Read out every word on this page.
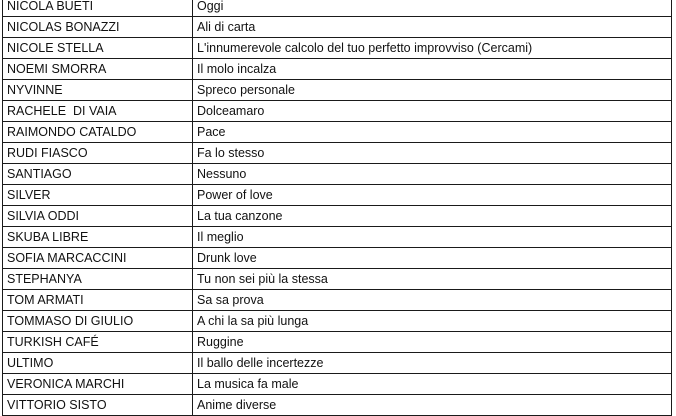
NICOLA BUETI	Oggi
NICOLAS BONAZZI	Ali di carta
NICOLE STELLA	L'innumerevole calcolo del tuo perfetto improvviso (Cercami)
NOEMI SMORRA	Il molo incalza
NYVINNE	Spreco personale
RACHELE  DI VAIA	Dolceamaro
RAIMONDO CATALDO	Pace
RUDI FIASCO	Fa lo stesso
SANTIAGO	Nessuno
SILVER	Power of love
SILVIA ODDI	La tua canzone
SKUBA LIBRE	Il meglio
SOFIA MARCACCINI	Drunk love
STEPHANYA	Tu non sei più la stessa
TOM ARMATI	Sa sa prova
TOMMASO DI GIULIO	A chi la sa più lunga
TURKISH CAFÉ	Ruggine
ULTIMO	Il ballo delle incertezze
VERONICA MARCHI	La musica fa male
VITTORIO SISTO	Anime diverse
